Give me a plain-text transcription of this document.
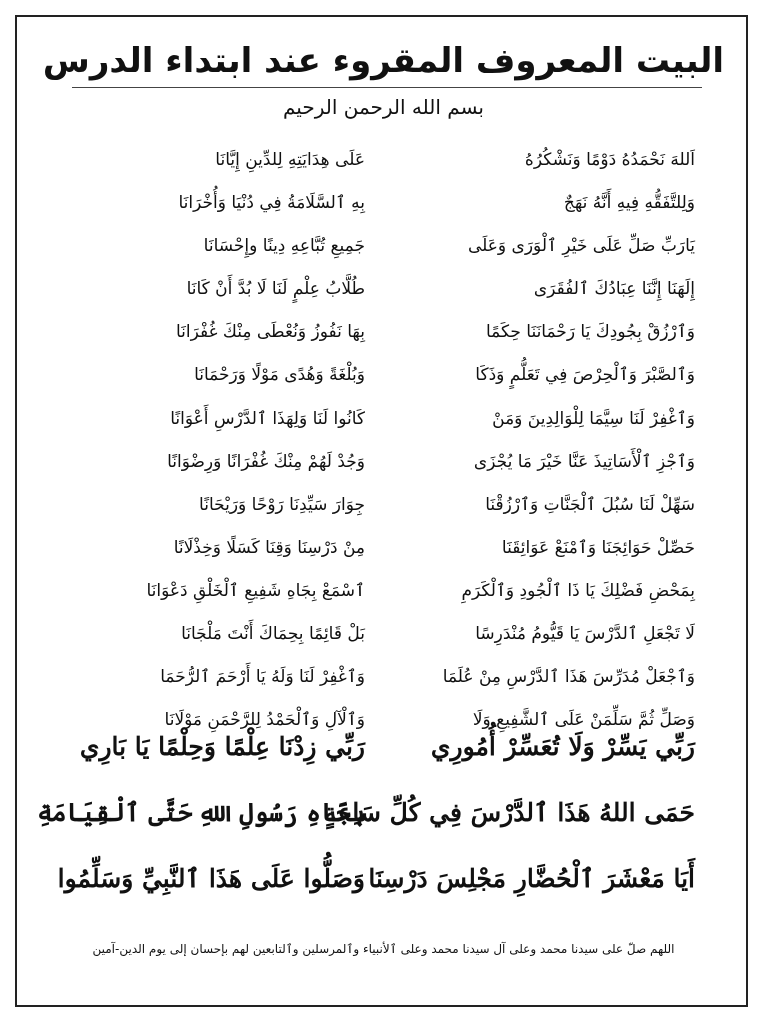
البيت المعروف المقروء عند ابتداء الدرس
بسم الله الرحمن الرحيم
اَللهَ نَحْمَدُهُ دَوْمًا وَنَشْكُرُهُ
عَلَى هِدَايَتِهِ لِلدِّينِ إِيَّانَا
وَلِلتَّفَقُّهِ فِيهِ أَنَّهُ نَهَجٌ
بِهِ ٱلسَّلَامَةُ فِي دُنْيَا وَأُخْرَانَا
يَارَبِّ صَلِّ عَلَى خَيْرِ ٱلْوَرَى وَعَلَى
جَمِيعِ تُبَّاعِهِ دِينًا وإِحْسَانَا
إِلَهَنَا إِنَّنَا عِبَادُكَ ٱلفُقَرَى
طُلَّابُ عِلْمٍ لَنَا لَا بُدَّ أَنْ كَانَا
وَٱرْزُقْ بِجُودِكَ يَا رَحْمَانَنَا حِكَمًا
بِهَا نَفُوزُ وَنُعْطَى مِنْكَ غُفْرَانَا
وَٱلصَّبْرَ وَٱلْحِرْصَ فِي تَعَلُّمٍ وَذَكَا
وَبُلْغَةً وَهُدًى مَوْلًا وَرَحْمَانَا
وَٱغْفِرْ لَنَا سِيَّمَا لِلْوَالِدِينَ وَمَنْ
كَانُوا لَنَا وَلِهَذَا ٱلدَّرْسِ أَعْوَانًا
وَٱجْزِ ٱلْأَسَاتِيذَ عَنَّا خَيْرَ مَا يُجْزَى
وَجُدْ لَهُمْ مِنْكَ غُفْرَانًا وَرِضْوَانًا
سَهِّلْ لَنَا سُبُلَ ٱلْجَنَّاتِ وَٱرْزُقْنَا
جِوَارَ سَيِّدِنَا رَوْحًا وَرَيْحَانًا
حَصِّلْ حَوَائِجَنَا وَٱمْنَعْ عَوَائِقَنَا
مِنْ دَرْسِنَا وَقِنَا كَسَلًا وَخِذْلَانًا
بِمَحْضِ فَضْلِكَ يَا ذَا ٱلْجُودِ وَٱلْكَرَمِ
ٱسْمَعْ بِجَاهِ شَفِيعِ ٱلْخَلْقِ دَعْوَانَا
لَا تَجْعَلِ ٱلدَّرْسَ يَا قَيُّومُ مُنْدَرِسًا
بَلْ قَائِمًا بِحِمَاكَ أَنْتَ مَلْجَانَا
وَٱجْعَلْ مُدَرِّسَ هَذَا ٱلدَّرْسِ مِنْ عُلَمَا
وَٱغْفِرْ لَنَا وَلَهُ يَا أَرْحَمَ ٱلرُّحَمَا
وَصَلِّ ثُمَّ سَلِّمَنْ عَلَى ٱلشَّفِيعِ وَلَا
وَٱلْآلِ وَٱلْحَمْدُ لِلرَّحْمَنِ مَوْلَانَا
رَبِّي يَسِّرْ وَلَا تُعَسِّرْ أُمُورِي
رَبِّي زِدْنَا عِلْمًا وَحِلْمًا يَا بَارِي
حَمَى اللهُ هَذَا ٱلدَّرْسَ فِي كُلِّ سَاعَةٍ
بِجَاهِ رَسُولِ اللهِ حَتَّى ٱلْقِيَامَةِ
أَيَا مَعْشَرَ ٱلْحُضَّارِ مَجْلِسَ دَرْسِنَا
وَصَلُّوا عَلَى هَذَا ٱلنَّبِيِّ وَسَلِّمُوا
اللهم صلّ على سيدنا محمد وعلى آل سيدنا محمد وعلى ٱلأنبياء وٱلمرسلين وٱلتابعين لهم بإحسان إلى يوم الدين-آمين
